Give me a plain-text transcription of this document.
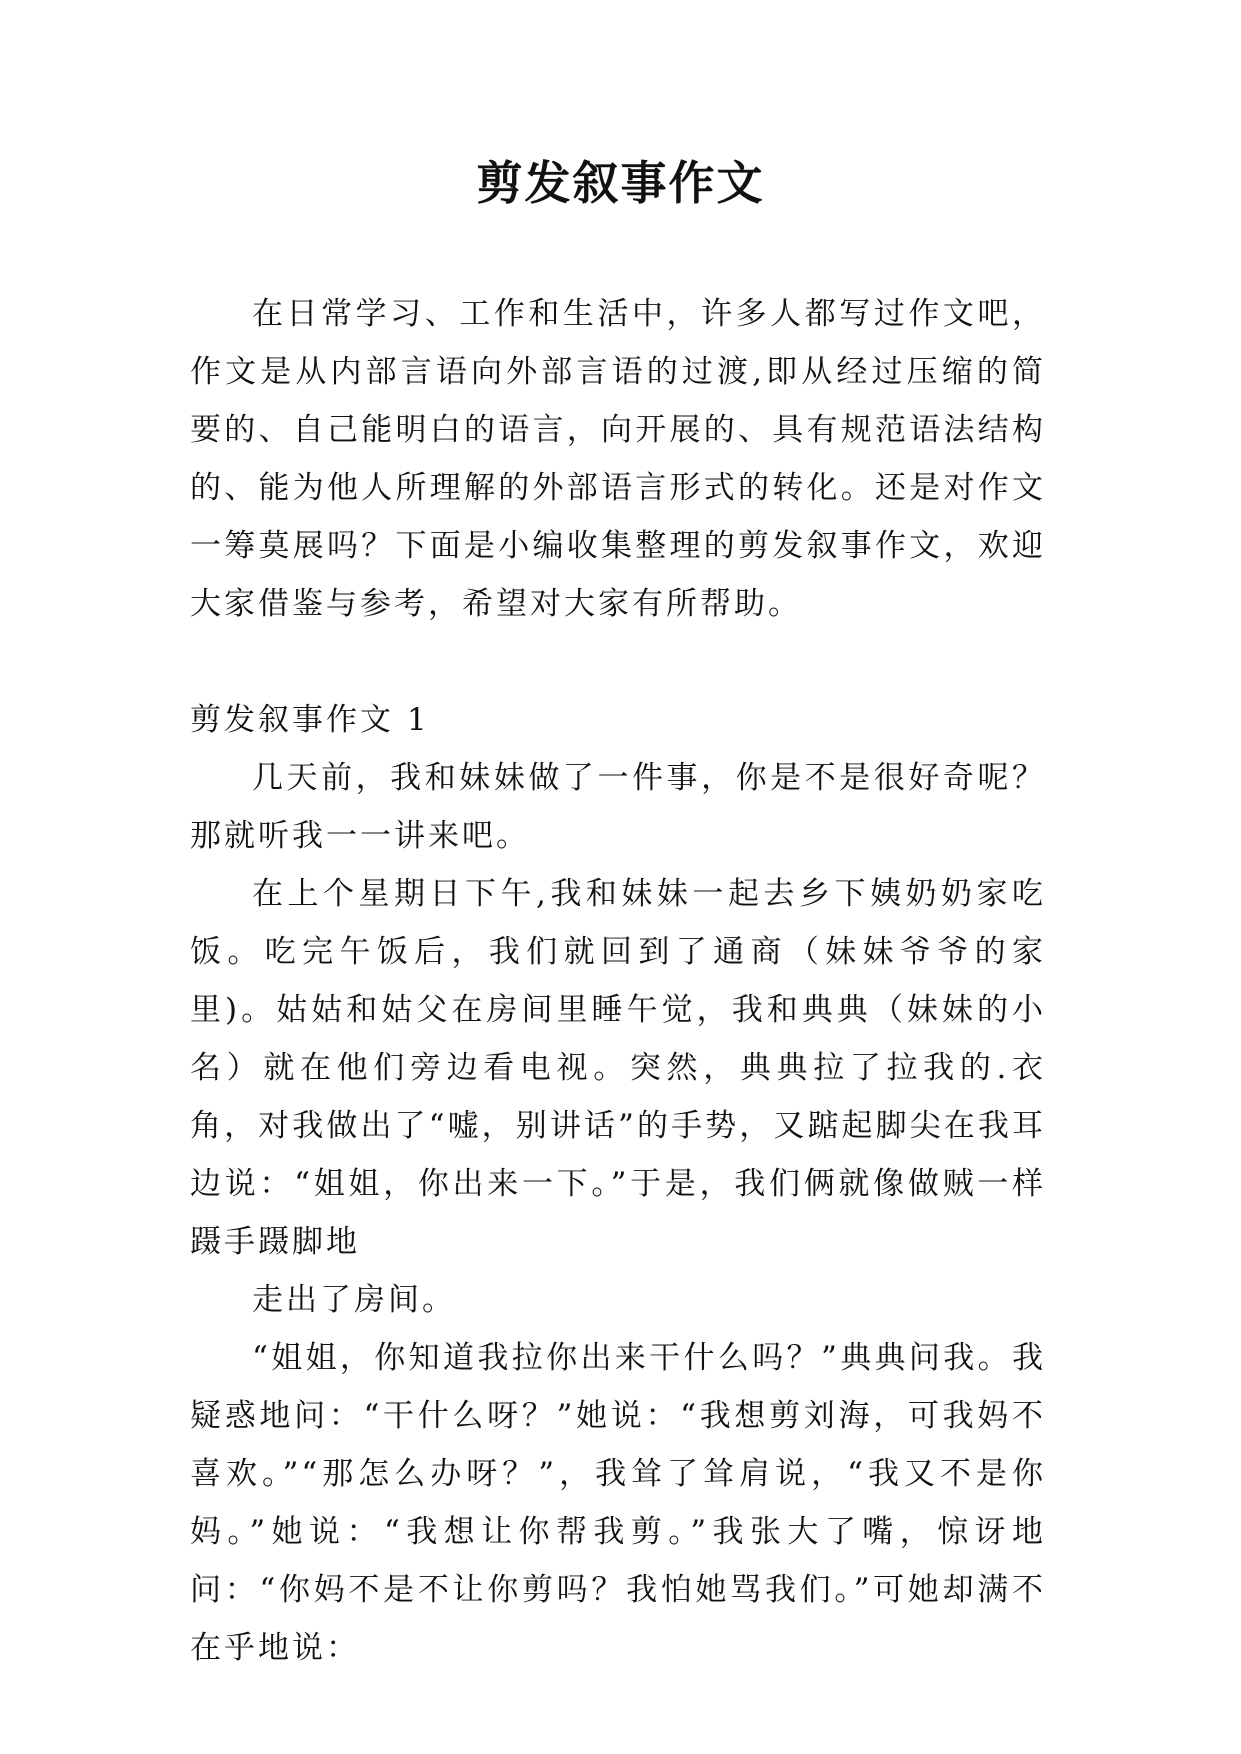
剪发叙事作文

在日常学习、工作和生活中，许多人都写过作文吧，作文是从内部言语向外部言语的过渡,即从经过压缩的简要的、自己能明白的语言，向开展的、具有规范语法结构的、能为他人所理解的外部语言形式的转化。还是对作文一筹莫展吗？下面是小编收集整理的剪发叙事作文，欢迎大家借鉴与参考，希望对大家有所帮助。

剪发叙事作文 1

几天前，我和妹妹做了一件事，你是不是很好奇呢？那就听我一一讲来吧。

在上个星期日下午,我和妹妹一起去乡下姨奶奶家吃饭。吃完午饭后，我们就回到了通商（妹妹爷爷的家里)。姑姑和姑父在房间里睡午觉，我和典典（妹妹的小名）就在他们旁边看电视。突然，典典拉了拉我的.衣角，对我做出了“嘘，别讲话”的手势，又踮起脚尖在我耳边说：“姐姐，你出来一下。”于是，我们俩就像做贼一样蹑手蹑脚地

走出了房间。

“姐姐，你知道我拉你出来干什么吗？”典典问我。我疑惑地问：“干什么呀？”她说：“我想剪刘海，可我妈不喜欢。”“那怎么办呀？”，我耸了耸肩说，“我又不是你妈。”她说：“我想让你帮我剪。”我张大了嘴，惊讶地问：“你妈不是不让你剪吗？我怕她骂我们。”可她却满不在乎地说：
